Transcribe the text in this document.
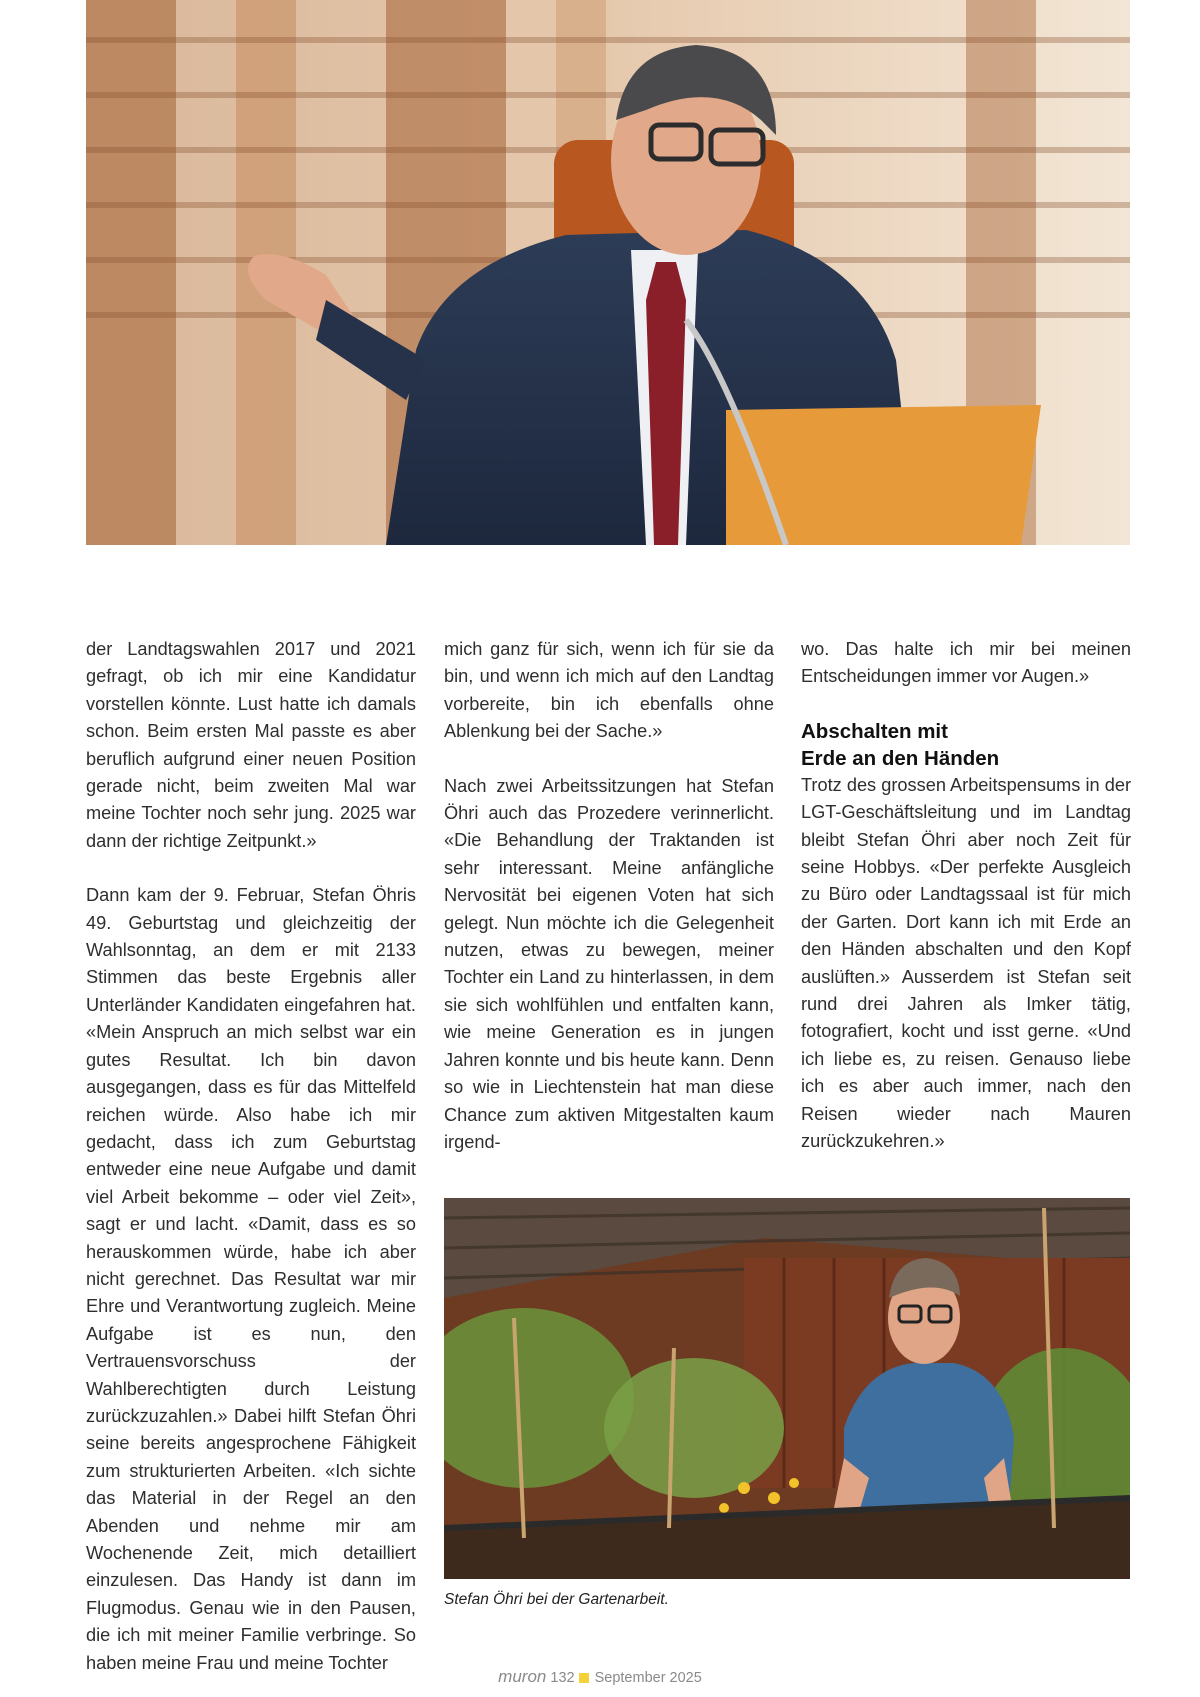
der Landtagswahlen 2017 und 2021 gefragt, ob ich mir eine Kandidatur vorstellen könnte. Lust hatte ich damals schon. Beim ersten Mal passte es aber beruflich aufgrund einer neuen Position gerade nicht, beim zweiten Mal war meine Tochter noch sehr jung. 2025 war dann der richtige Zeitpunkt.»

Dann kam der 9. Februar, Stefan Öhris 49. Geburtstag und gleichzeitig der Wahlsonntag, an dem er mit 2133 Stimmen das beste Ergebnis aller Unterländer Kandidaten eingefahren hat. «Mein Anspruch an mich selbst war ein gutes Resultat. Ich bin davon ausgegangen, dass es für das Mittelfeld reichen würde. Also habe ich mir gedacht, dass ich zum Geburtstag entweder eine neue Aufgabe und damit viel Arbeit bekomme – oder viel Zeit», sagt er und lacht. «Damit, dass es so herauskommen würde, habe ich aber nicht gerechnet. Das Resultat war mir Ehre und Verantwortung zugleich. Meine Aufgabe ist es nun, den Vertrauensvorschuss der Wahlberechtigten durch Leistung zurückzuzahlen.» Dabei hilft Stefan Öhri seine bereits angesprochene Fähigkeit zum strukturierten Arbeiten. «Ich sichte das Material in der Regel an den Abenden und nehme mir am Wochenende Zeit, mich detailliert einzulesen. Das Handy ist dann im Flugmodus. Genau wie in den Pausen, die ich mit meiner Familie verbringe. So haben meine Frau und meine Tochter

mich ganz für sich, wenn ich für sie da bin, und wenn ich mich auf den Landtag vorbereite, bin ich ebenfalls ohne Ablenkung bei der Sache.»

Nach zwei Arbeitssitzungen hat Stefan Öhri auch das Prozedere verinnerlicht. «Die Behandlung der Traktanden ist sehr interessant. Meine anfängliche Nervosität bei eigenen Voten hat sich gelegt. Nun möchte ich die Gelegenheit nutzen, etwas zu bewegen, meiner Tochter ein Land zu hinterlassen, in dem sie sich wohlfühlen und entfalten kann, wie meine Generation es in jungen Jahren konnte und bis heute kann. Denn so wie in Liechtenstein hat man diese Chance zum aktiven Mitgestalten kaum irgend-

wo. Das halte ich mir bei meinen Entscheidungen immer vor Augen.»

Abschalten mit
Erde an den Händen

Trotz des grossen Arbeitspensums in der LGT-Geschäftsleitung und im Landtag bleibt Stefan Öhri aber noch Zeit für seine Hobbys. «Der perfekte Ausgleich zu Büro oder Landtagssaal ist für mich der Garten. Dort kann ich mit Erde an den Händen abschalten und den Kopf auslüften.» Ausserdem ist Stefan seit rund drei Jahren als Imker tätig, fotografiert, kocht und isst gerne. «Und ich liebe es, zu reisen. Genauso liebe ich es aber auch immer, nach den Reisen wieder nach Mauren zurückzukehren.»

Stefan Öhri bei der Gartenarbeit.
muron 132 September 2025
